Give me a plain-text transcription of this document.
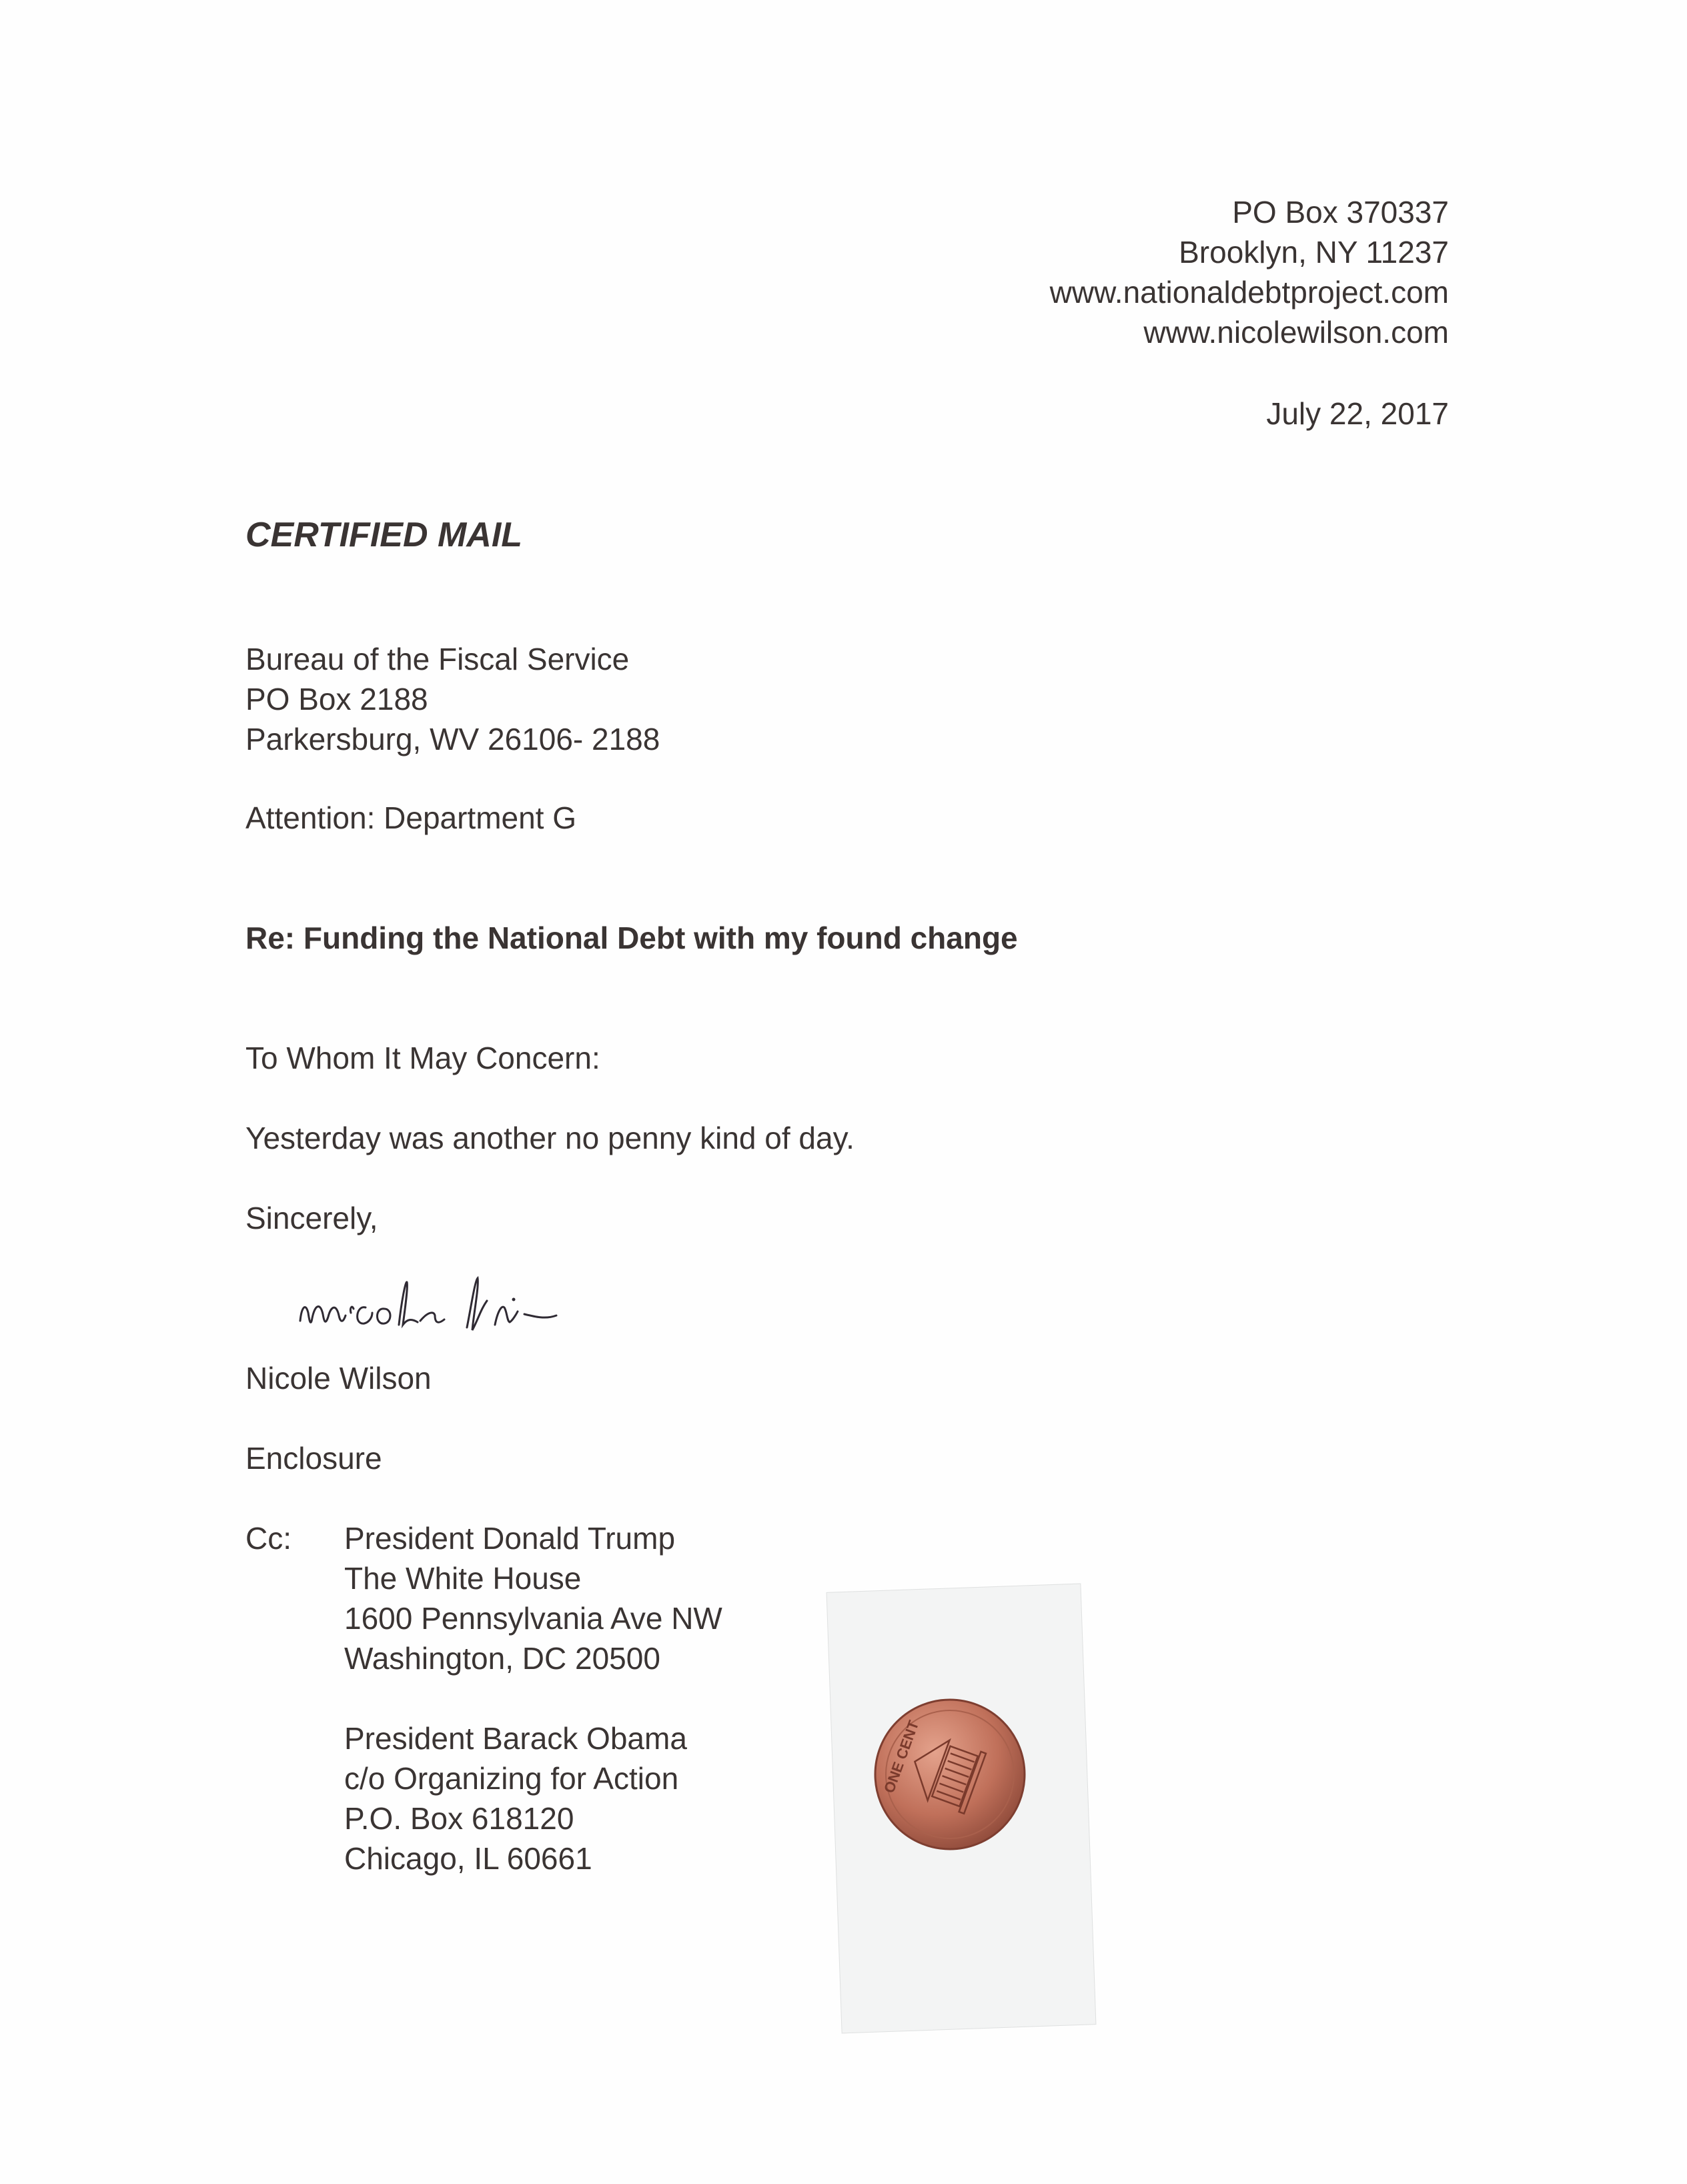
PO Box 370337
Brooklyn, NY 11237
www.nationaldebtproject.com
www.nicolewilson.com
July 22, 2017
CERTIFIED MAIL
Bureau of the Fiscal Service
PO Box 2188
Parkersburg, WV 26106- 2188
Attention: Department G
Re: Funding the National Debt with my found change
To Whom It May Concern:
Yesterday was another no penny kind of day.
Sincerely,
Nicole Wilson
Enclosure
Cc: President Donald Trump
The White House
1600 Pennsylvania Ave NW
Washington, DC 20500
President Barack Obama
c/o Organizing for Action
P.O. Box 618120
Chicago, IL 60661
ONE CENT
